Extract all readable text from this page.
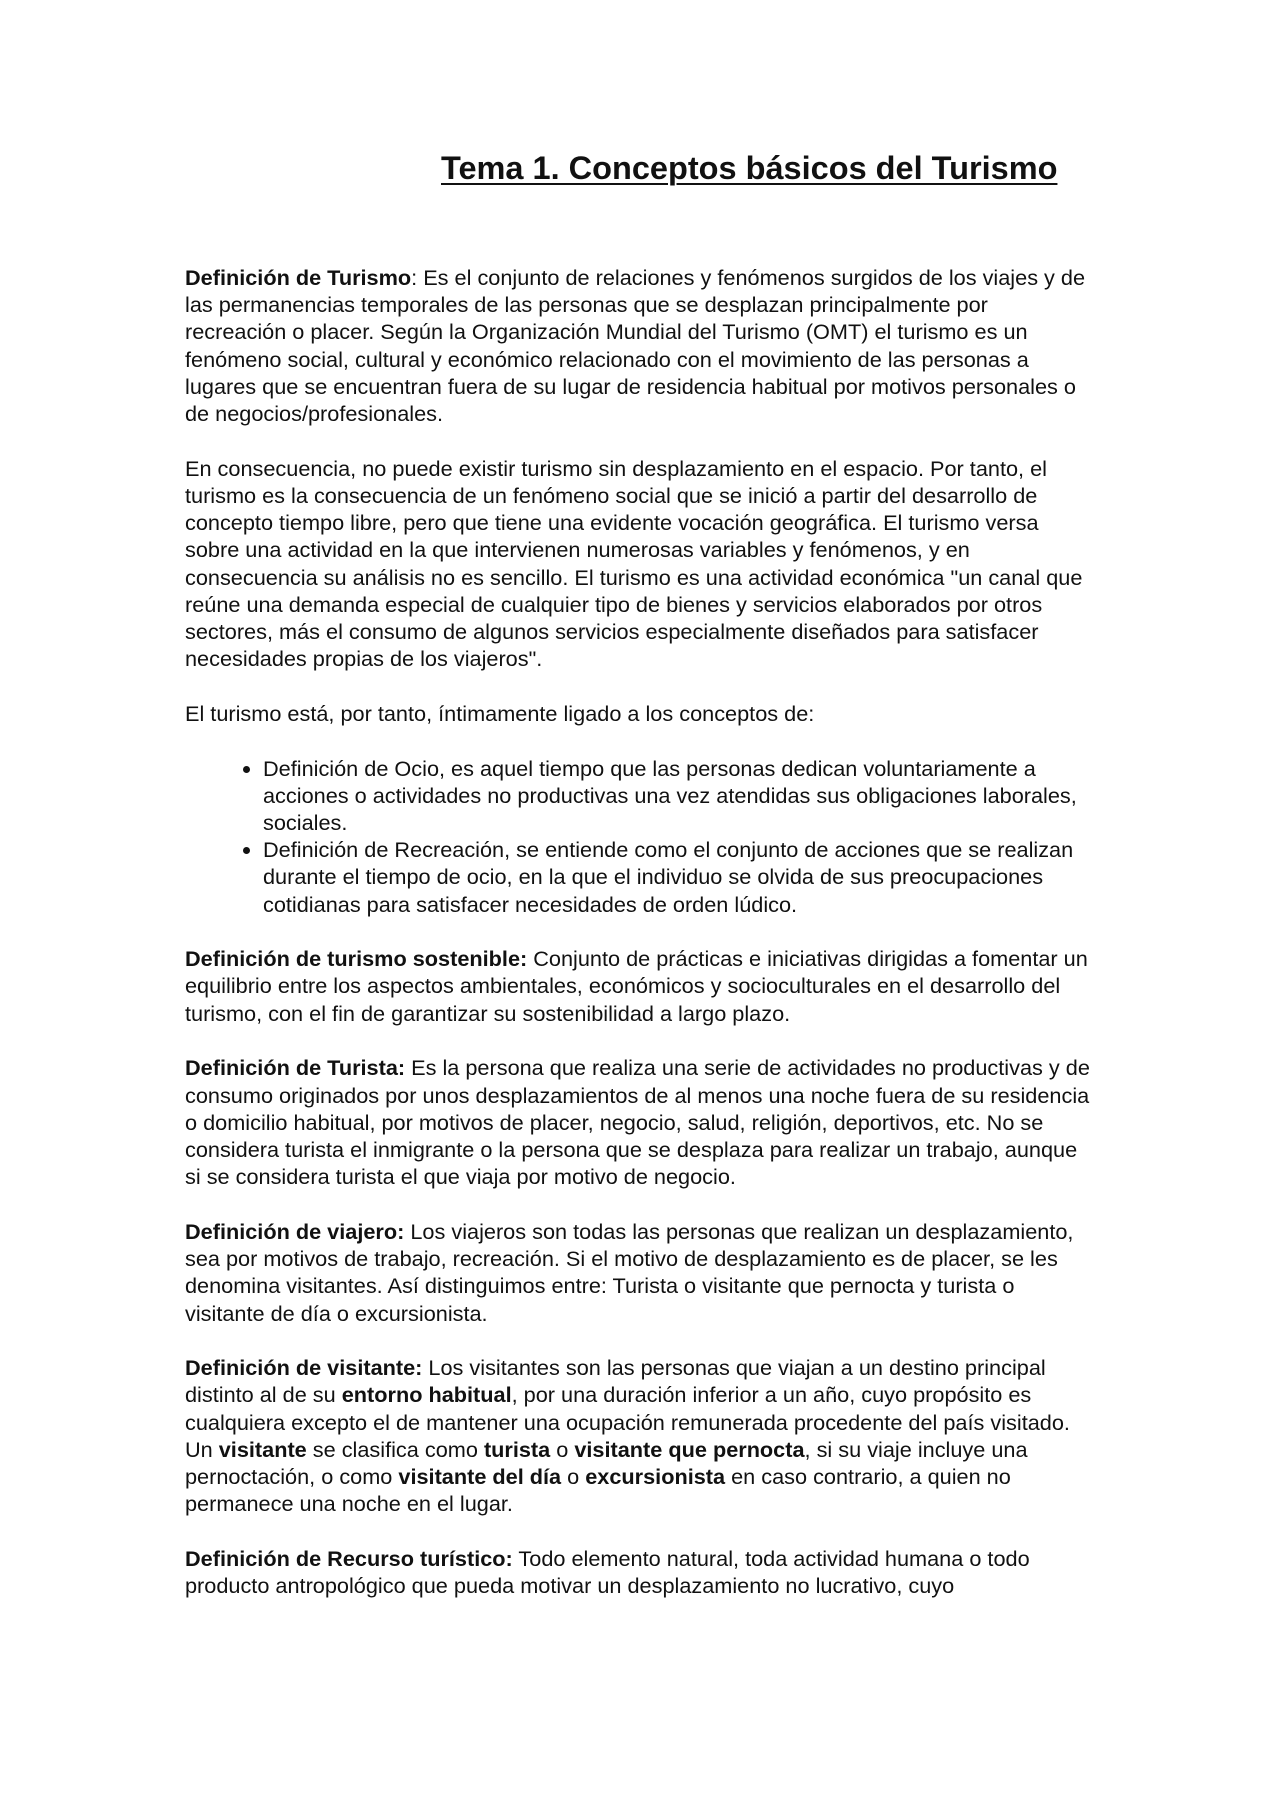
Tema 1. Conceptos básicos del Turismo

Definición de Turismo: Es el conjunto de relaciones y fenómenos surgidos de los viajes y de las permanencias temporales de las personas que se desplazan principalmente por recreación o placer. Según la Organización Mundial del Turismo (OMT) el turismo es un fenómeno social, cultural y económico relacionado con el movimiento de las personas a lugares que se encuentran fuera de su lugar de residencia habitual por motivos personales o de negocios/profesionales.

En consecuencia, no puede existir turismo sin desplazamiento en el espacio. Por tanto, el turismo es la consecuencia de un fenómeno social que se inició a partir del desarrollo de concepto tiempo libre, pero que tiene una evidente vocación geográfica. El turismo versa sobre una actividad en la que intervienen numerosas variables y fenómenos, y en consecuencia su análisis no es sencillo. El turismo es una actividad económica "un canal que reúne una demanda especial de cualquier tipo de bienes y servicios elaborados por otros sectores, más el consumo de algunos servicios especialmente diseñados para satisfacer necesidades propias de los viajeros".

El turismo está, por tanto, íntimamente ligado a los conceptos de:

• Definición de Ocio, es aquel tiempo que las personas dedican voluntariamente a acciones o actividades no productivas una vez atendidas sus obligaciones laborales, sociales.
• Definición de Recreación, se entiende como el conjunto de acciones que se realizan durante el tiempo de ocio, en la que el individuo se olvida de sus preocupaciones cotidianas para satisfacer necesidades de orden lúdico.

Definición de turismo sostenible: Conjunto de prácticas e iniciativas dirigidas a fomentar un equilibrio entre los aspectos ambientales, económicos y socioculturales en el desarrollo del turismo, con el fin de garantizar su sostenibilidad a largo plazo.

Definición de Turista: Es la persona que realiza una serie de actividades no productivas y de consumo originados por unos desplazamientos de al menos una noche fuera de su residencia o domicilio habitual, por motivos de placer, negocio, salud, religión, deportivos, etc. No se considera turista el inmigrante o la persona que se desplaza para realizar un trabajo, aunque si se considera turista el que viaja por motivo de negocio.

Definición de viajero: Los viajeros son todas las personas que realizan un desplazamiento, sea por motivos de trabajo, recreación. Si el motivo de desplazamiento es de placer, se les denomina visitantes. Así distinguimos entre: Turista o visitante que pernocta y turista o visitante de día o excursionista.

Definición de visitante: Los visitantes son las personas que viajan a un destino principal distinto al de su entorno habitual, por una duración inferior a un año, cuyo propósito es cualquiera excepto el de mantener una ocupación remunerada procedente del país visitado. Un visitante se clasifica como turista o visitante que pernocta, si su viaje incluye una pernoctación, o como visitante del día o excursionista en caso contrario, a quien no permanece una noche en el lugar.

Definición de Recurso turístico: Todo elemento natural, toda actividad humana o todo producto antropológico que pueda motivar un desplazamiento no lucrativo, cuyo
